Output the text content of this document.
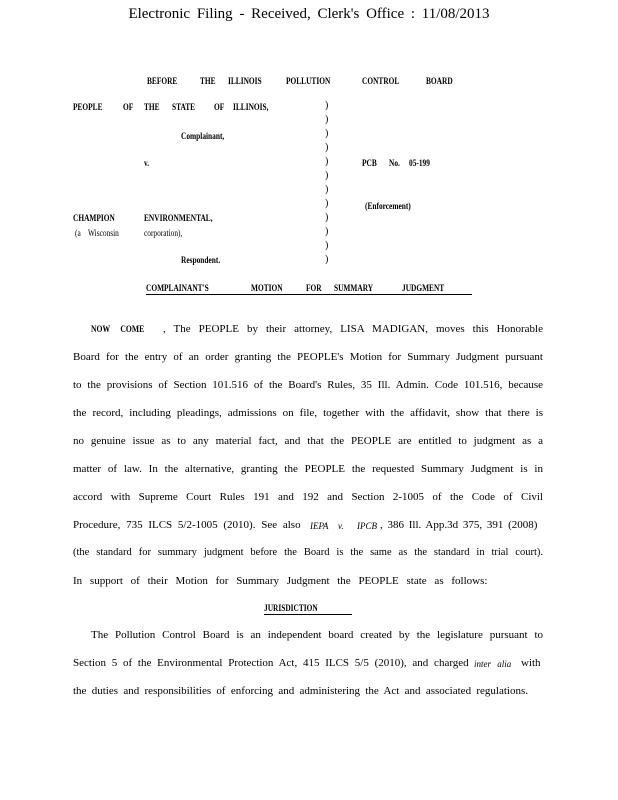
Electronic Filing - Received, Clerk's Office : 11/08/2013
BEFORE	THE ILLINOIS	POLLUTION	CONTROL	BOARD
PEOPLE OF THE STATE OF ILLINOIS,
Complainant,
v.	PCB No. 05-199
(Enforcement)
CHAMPION	ENVIRONMENTAL,
(a Wisconsin	corporation),
Respondent.
)
)
)
)
)
)
)
)
)
)
)
)
COMPLAINANT'S	MOTION	FOR SUMMARY	JUDGMENT
NOW COME , The PEOPLE by their attorney, LISA MADIGAN, moves this Honorable
Board for the entry of an order granting the PEOPLE's Motion for Summary Judgment pursuant
to the provisions of Section 101.516 of the Board's Rules, 35 Ill. Admin. Code 101.516, because
the record, including pleadings, admissions on file, together with the affidavit, show that there is
no genuine issue as to any material fact, and that the PEOPLE are entitled to judgment as a
matter of law. In the alternative, granting the PEOPLE the requested Summary Judgment is in
accord with Supreme Court Rules 191 and 192 and Section 2-1005 of the Code of Civil
Procedure, 735 ILCS 5/2-1005 (2010). See also IEPA v. IPCB , 386 Ill. App.3d 375, 391 (2008)
(the standard for summary judgment before the Board is the same as the standard in trial court).
In support of their Motion for Summary Judgment the PEOPLE state as follows:
JURISDICTION
The Pollution Control Board is an independent board created by the legislature pursuant to
Section 5 of the Environmental Protection Act, 415 ILCS 5/5 (2010), and charged inter alia with
the duties and responsibilities of enforcing and administering the Act and associated regulations.
